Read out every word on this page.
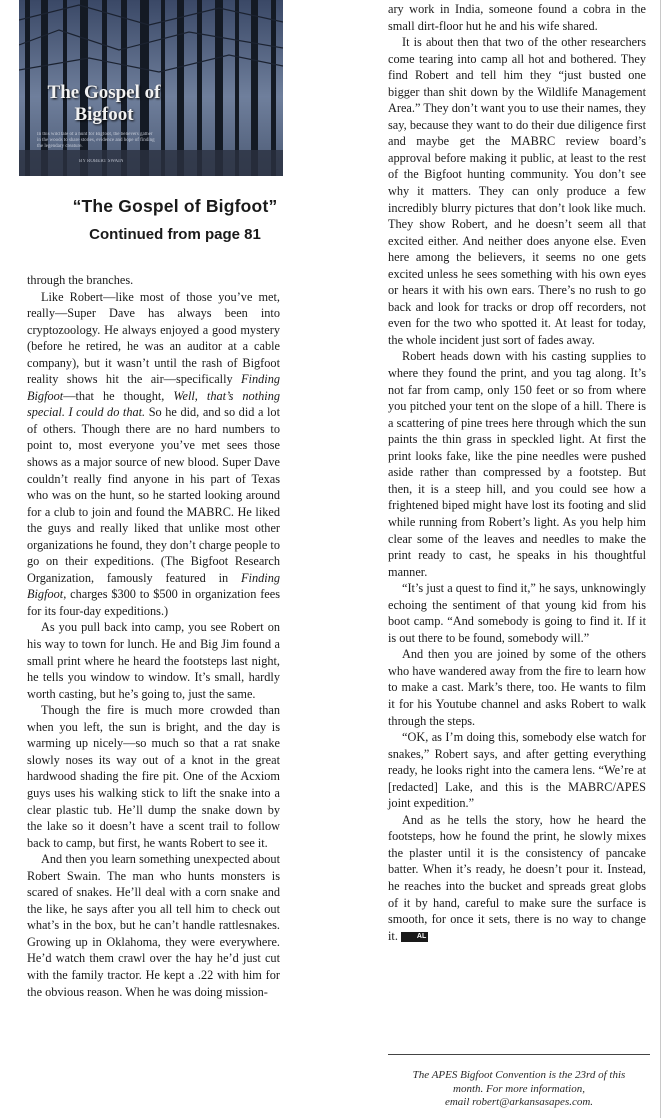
The Gospel of Bigfoot
In this wild tale of a hunt for Bigfoot, the believers gather in the woods to share stories, evidence and hope of finding the legendary creature.
BY ROBERT SWAIN
“The Gospel of Bigfoot”
Continued from page 81

through the branches.

Like Robert—like most of those you’ve met, really—Super Dave has always been into cryptozoology. He always enjoyed a good mystery (before he retired, he was an auditor at a cable company), but it wasn’t until the rash of Bigfoot reality shows hit the air—specifically Finding Bigfoot—that he thought, Well, that’s nothing special. I could do that. So he did, and so did a lot of others. Though there are no hard numbers to point to, most everyone you’ve met sees those shows as a major source of new blood. Super Dave couldn’t really find anyone in his part of Texas who was on the hunt, so he started looking around for a club to join and found the MABRC. He liked the guys and really liked that unlike most other organizations he found, they don’t charge people to go on their expeditions. (The Bigfoot Research Organization, famously featured in Finding Bigfoot, charges $300 to $500 in organization fees for its four-day expeditions.)

As you pull back into camp, you see Robert on his way to town for lunch. He and Big Jim found a small print where he heard the footsteps last night, he tells you window to window. It’s small, hardly worth casting, but he’s going to, just the same.

Though the fire is much more crowded than when you left, the sun is bright, and the day is warming up nicely—so much so that a rat snake slowly noses its way out of a knot in the great hardwood shading the fire pit. One of the Acxiom guys uses his walking stick to lift the snake into a clear plastic tub. He’ll dump the snake down by the lake so it doesn’t have a scent trail to follow back to camp, but first, he wants Robert to see it.

And then you learn something unexpected about Robert Swain. The man who hunts monsters is scared of snakes. He’ll deal with a corn snake and the like, he says after you all tell him to check out what’s in the box, but he can’t handle rattlesnakes. Growing up in Oklahoma, they were everywhere. He’d watch them crawl over the hay he’d just cut with the family tractor. He kept a .22 with him for the obvious reason. When he was doing mission-

ary work in India, someone found a cobra in the small dirt-floor hut he and his wife shared.

It is about then that two of the other researchers come tearing into camp all hot and bothered. They find Robert and tell him they “just busted one bigger than shit down by the Wildlife Management Area.” They don’t want you to use their names, they say, because they want to do their due diligence first and maybe get the MABRC review board’s approval before making it public, at least to the rest of the Bigfoot hunting community. You don’t see why it matters. They can only produce a few incredibly blurry pictures that don’t look like much. They show Robert, and he doesn’t seem all that excited either. And neither does anyone else. Even here among the believers, it seems no one gets excited unless he sees something with his own eyes or hears it with his own ears. There’s no rush to go back and look for tracks or drop off recorders, not even for the two who spotted it. At least for today, the whole incident just sort of fades away.

Robert heads down with his casting supplies to where they found the print, and you tag along. It’s not far from camp, only 150 feet or so from where you pitched your tent on the slope of a hill. There is a scattering of pine trees here through which the sun paints the thin grass in speckled light. At first the print looks fake, like the pine needles were pushed aside rather than compressed by a footstep. But then, it is a steep hill, and you could see how a frightened biped might have lost its footing and slid while running from Robert’s light. As you help him clear some of the leaves and needles to make the print ready to cast, he speaks in his thoughtful manner.

“It’s just a quest to find it,” he says, unknowingly echoing the sentiment of that young kid from his boot camp. “And somebody is going to find it. If it is out there to be found, somebody will.”

And then you are joined by some of the others who have wandered away from the fire to learn how to make a cast. Mark’s there, too. He wants to film it for his Youtube channel and asks Robert to walk through the steps.

“OK, as I’m doing this, somebody else watch for snakes,” Robert says, and after getting everything ready, he looks right into the camera lens. “We’re at [redacted] Lake, and this is the MABRC/APES joint expedition.”

And as he tells the story, how he heard the footsteps, how he found the print, he slowly mixes the plaster until it is the consistency of pancake batter. When it’s ready, he doesn’t pour it. Instead, he reaches into the bucket and spreads great globs of it by hand, careful to make sure the surface is smooth, for once it sets, there is no way to change it.	AL

The APES Bigfoot Convention is the 23rd of this
month. For more information,
email robert@arkansasapes.com.
